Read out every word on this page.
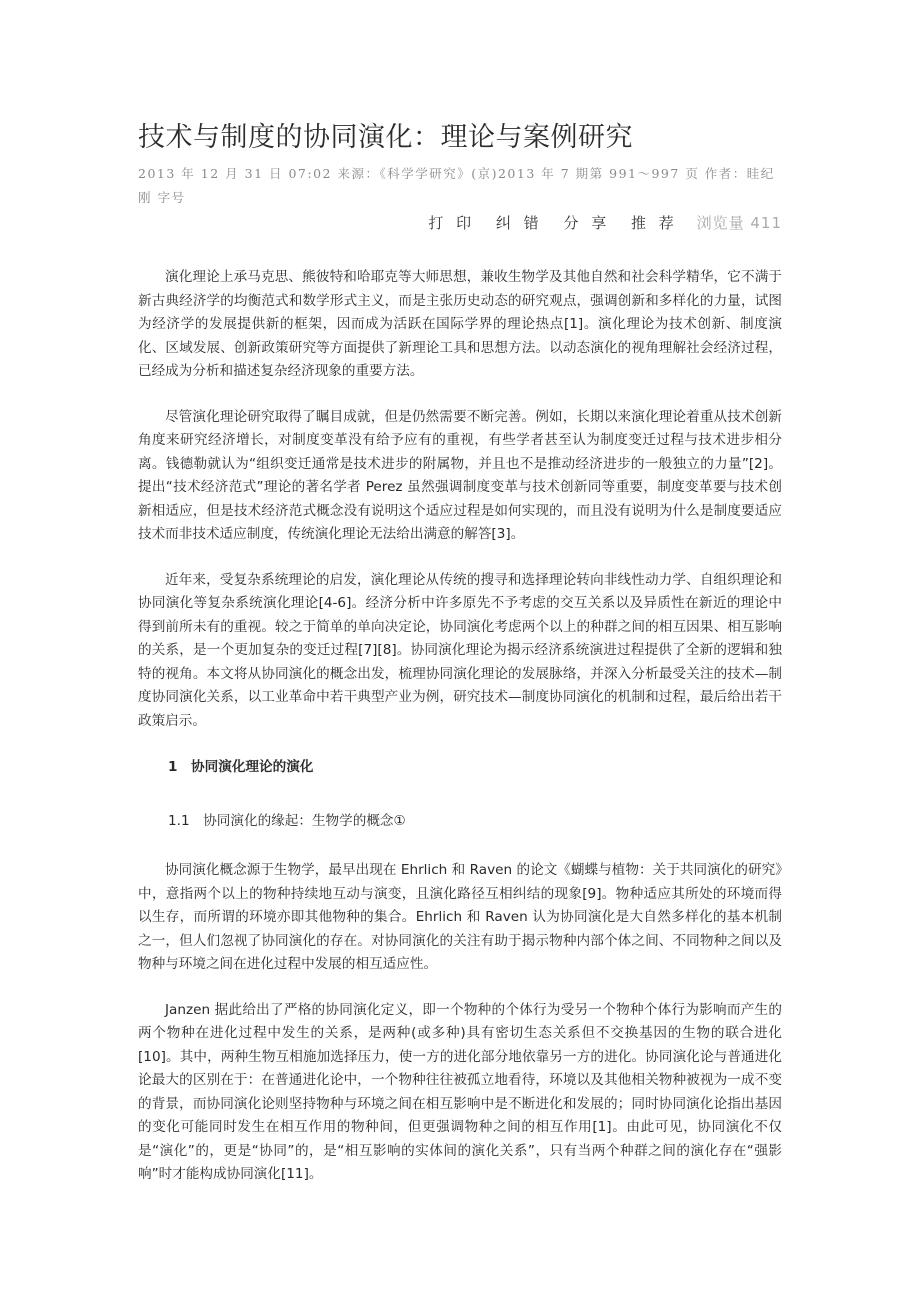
技术与制度的协同演化：理论与案例研究
2013 年 12 月 31 日 07:02 来源：《科学学研究》(京)2013 年 7 期第 991～997 页 作者：眭纪刚 字号
打 印 纠 错 分 享 推 荐 浏览量 411

演化理论上承马克思、熊彼特和哈耶克等大师思想，兼收生物学及其他自然和社会科学精华，它不满于新古典经济学的均衡范式和数学形式主义，而是主张历史动态的研究观点，强调创新和多样化的力量，试图为经济学的发展提供新的框架，因而成为活跃在国际学界的理论热点[1]。演化理论为技术创新、制度演化、区域发展、创新政策研究等方面提供了新理论工具和思想方法。以动态演化的视角理解社会经济过程，已经成为分析和描述复杂经济现象的重要方法。

尽管演化理论研究取得了瞩目成就，但是仍然需要不断完善。例如，长期以来演化理论着重从技术创新角度来研究经济增长，对制度变革没有给予应有的重视，有些学者甚至认为制度变迁过程与技术进步相分离。钱德勒就认为“组织变迁通常是技术进步的附属物，并且也不是推动经济进步的一般独立的力量”[2]。提出“技术经济范式”理论的著名学者 Perez 虽然强调制度变革与技术创新同等重要，制度变革要与技术创新相适应，但是技术经济范式概念没有说明这个适应过程是如何实现的，而且没有说明为什么是制度要适应技术而非技术适应制度，传统演化理论无法给出满意的解答[3]。

近年来，受复杂系统理论的启发，演化理论从传统的搜寻和选择理论转向非线性动力学、自组织理论和协同演化等复杂系统演化理论[4-6]。经济分析中许多原先不予考虑的交互关系以及异质性在新近的理论中得到前所未有的重视。较之于简单的单向决定论，协同演化考虑两个以上的种群之间的相互因果、相互影响的关系，是一个更加复杂的变迁过程[7][8]。协同演化理论为揭示经济系统演进过程提供了全新的逻辑和独特的视角。本文将从协同演化的概念出发，梳理协同演化理论的发展脉络，并深入分析最受关注的技术—制度协同演化关系，以工业革命中若干典型产业为例，研究技术—制度协同演化的机制和过程，最后给出若干政策启示。

1　协同演化理论的演化
1.1　协同演化的缘起：生物学的概念①

协同演化概念源于生物学，最早出现在 Ehrlich 和 Raven 的论文《蝴蝶与植物：关于共同演化的研究》中，意指两个以上的物种持续地互动与演变，且演化路径互相纠结的现象[9]。物种适应其所处的环境而得以生存，而所谓的环境亦即其他物种的集合。Ehrlich 和 Raven 认为协同演化是大自然多样化的基本机制之一，但人们忽视了协同演化的存在。对协同演化的关注有助于揭示物种内部个体之间、不同物种之间以及物种与环境之间在进化过程中发展的相互适应性。

Janzen 据此给出了严格的协同演化定义，即一个物种的个体行为受另一个物种个体行为影响而产生的两个物种在进化过程中发生的关系，是两种(或多种)具有密切生态关系但不交换基因的生物的联合进化[10]。其中，两种生物互相施加选择压力，使一方的进化部分地依靠另一方的进化。协同演化论与普通进化论最大的区别在于：在普通进化论中，一个物种往往被孤立地看待，环境以及其他相关物种被视为一成不变的背景，而协同演化论则坚持物种与环境之间在相互影响中是不断进化和发展的；同时协同演化论指出基因的变化可能同时发生在相互作用的物种间，但更强调物种之间的相互作用[1]。由此可见，协同演化不仅是“演化”的，更是“协同”的，是“相互影响的实体间的演化关系”，只有当两个种群之间的演化存在“强影响”时才能构成协同演化[11]。
